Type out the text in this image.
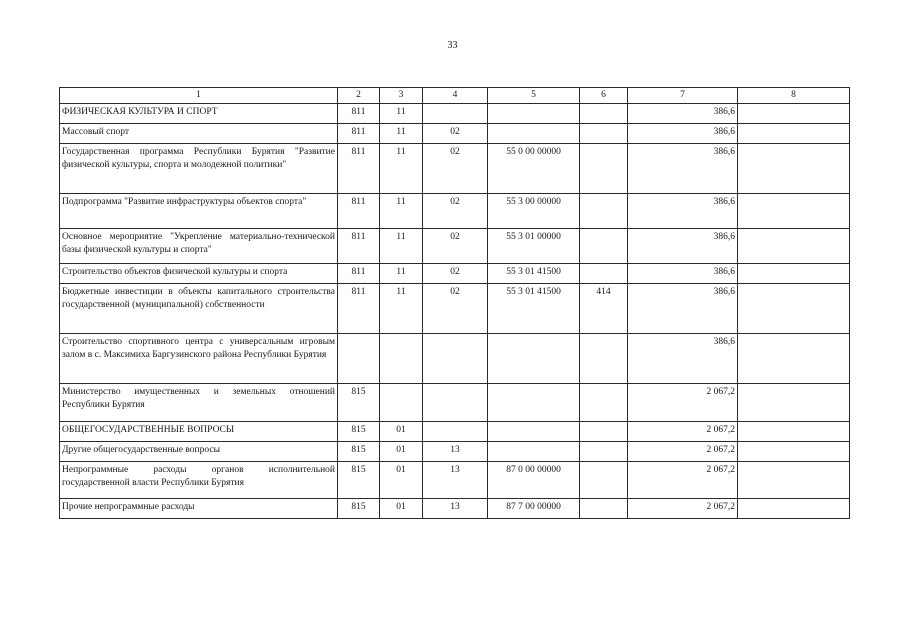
33
1	2	3	4	5	6	7	8
ФИЗИЧЕСКАЯ КУЛЬТУРА И СПОРТ	811	11				386,6	
Массовый спорт	811	11	02			386,6	
Государственная программа Республики Бурятия "Развитие физической культуры, спорта и молодежной политики"	811	11	02	55 0 00 00000		386,6	
Подпрограмма "Развитие инфраструктуры объектов спорта"	811	11	02	55 3 00 00000		386,6	
Основное мероприятие "Укрепление материально-технической базы физической культуры и спорта"	811	11	02	55 3 01 00000		386,6	
Строительство объектов физической культуры и спорта	811	11	02	55 3 01 41500		386,6	
Бюджетные инвестиции в объекты капитального строительства государственной (муниципальной) собственности	811	11	02	55 3 01 41500	414	386,6	
Строительство спортивного центра с универсальным игровым залом в с. Максимиха Баргузинского района Республики Бурятия						386,6	
Министерство имущественных и земельных отношений Республики Бурятия	815					2 067,2	
ОБЩЕГОСУДАРСТВЕННЫЕ ВОПРОСЫ	815	01				2 067,2	
Другие общегосударственные вопросы	815	01	13			2 067,2	
Непрограммные расходы органов исполнительной государственной власти Республики Бурятия	815	01	13	87 0 00 00000		2 067,2	
Прочие непрограммные расходы	815	01	13	87 7 00 00000		2 067,2	
